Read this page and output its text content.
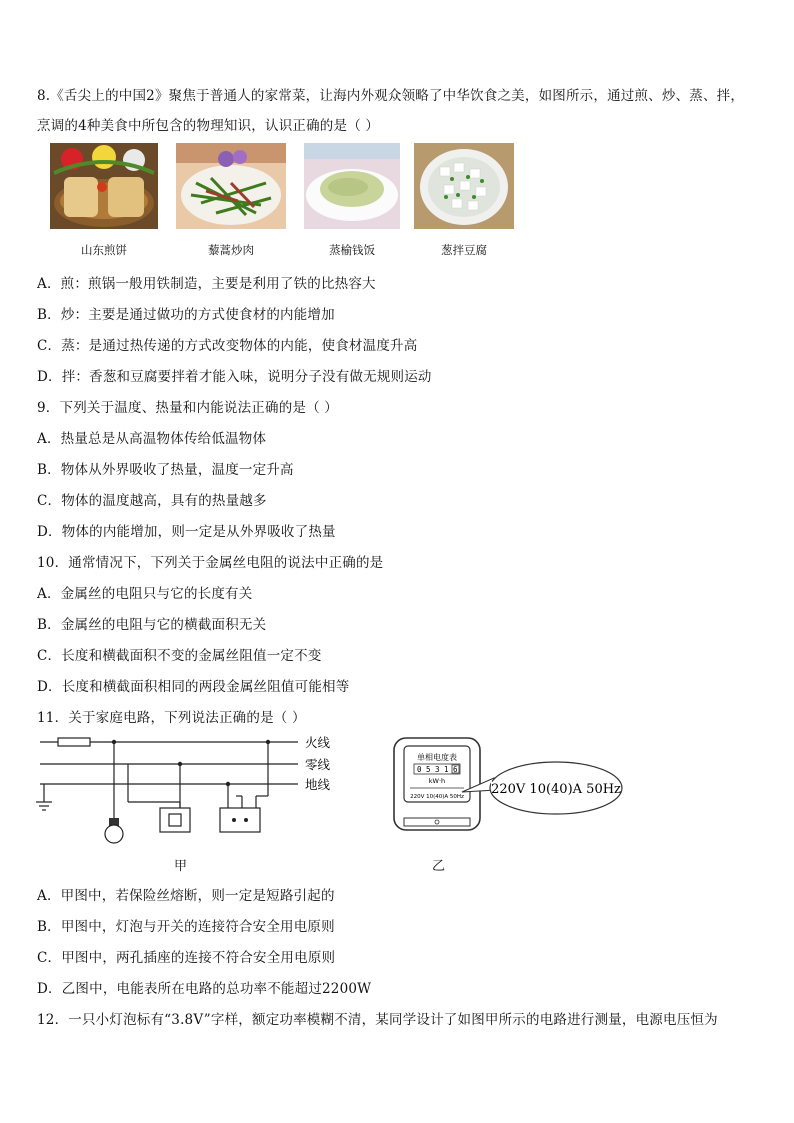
8.《舌尖上的中国2》聚焦于普通人的家常菜，让海内外观众领略了中华饮食之美，如图所示，通过煎、炒、蒸、拌，
烹调的4种美食中所包含的物理知识，认识正确的是（ ）
山东煎饼	藜蒿炒肉	蒸榆钱饭	葱拌豆腐
A．煎：煎锅一般用铁制造，主要是利用了铁的比热容大
B．炒：主要是通过做功的方式使食材的内能增加
C．蒸：是通过热传递的方式改变物体的内能，使食材温度升高
D．拌：香葱和豆腐要拌着才能入味，说明分子没有做无规则运动
9．下列关于温度、热量和内能说法正确的是（ ）
A．热量总是从高温物体传给低温物体
B．物体从外界吸收了热量，温度一定升高
C．物体的温度越高，具有的热量越多
D．物体的内能增加，则一定是从外界吸收了热量
10．通常情况下，下列关于金属丝电阻的说法中正确的是
A．金属丝的电阻只与它的长度有关
B．金属丝的电阻与它的横截面积无关
C．长度和横截面积不变的金属丝阻值一定不变
D．长度和横截面积相同的两段金属丝阻值可能相等
11．关于家庭电路，下列说法正确的是（ ）
火线
零线
地线
单相电度表
0 5 3 1 6
kW·h
220V 10(40)A 50Hz 220V 10(40)A 50Hz
甲	乙
A．甲图中，若保险丝熔断，则一定是短路引起的
B．甲图中，灯泡与开关的连接符合安全用电原则
C．甲图中，两孔插座的连接不符合安全用电原则
D．乙图中，电能表所在电路的总功率不能超过2200W
12．一只小灯泡标有“3.8V”字样，额定功率模糊不清，某同学设计了如图甲所示的电路进行测量，电源电压恒为
